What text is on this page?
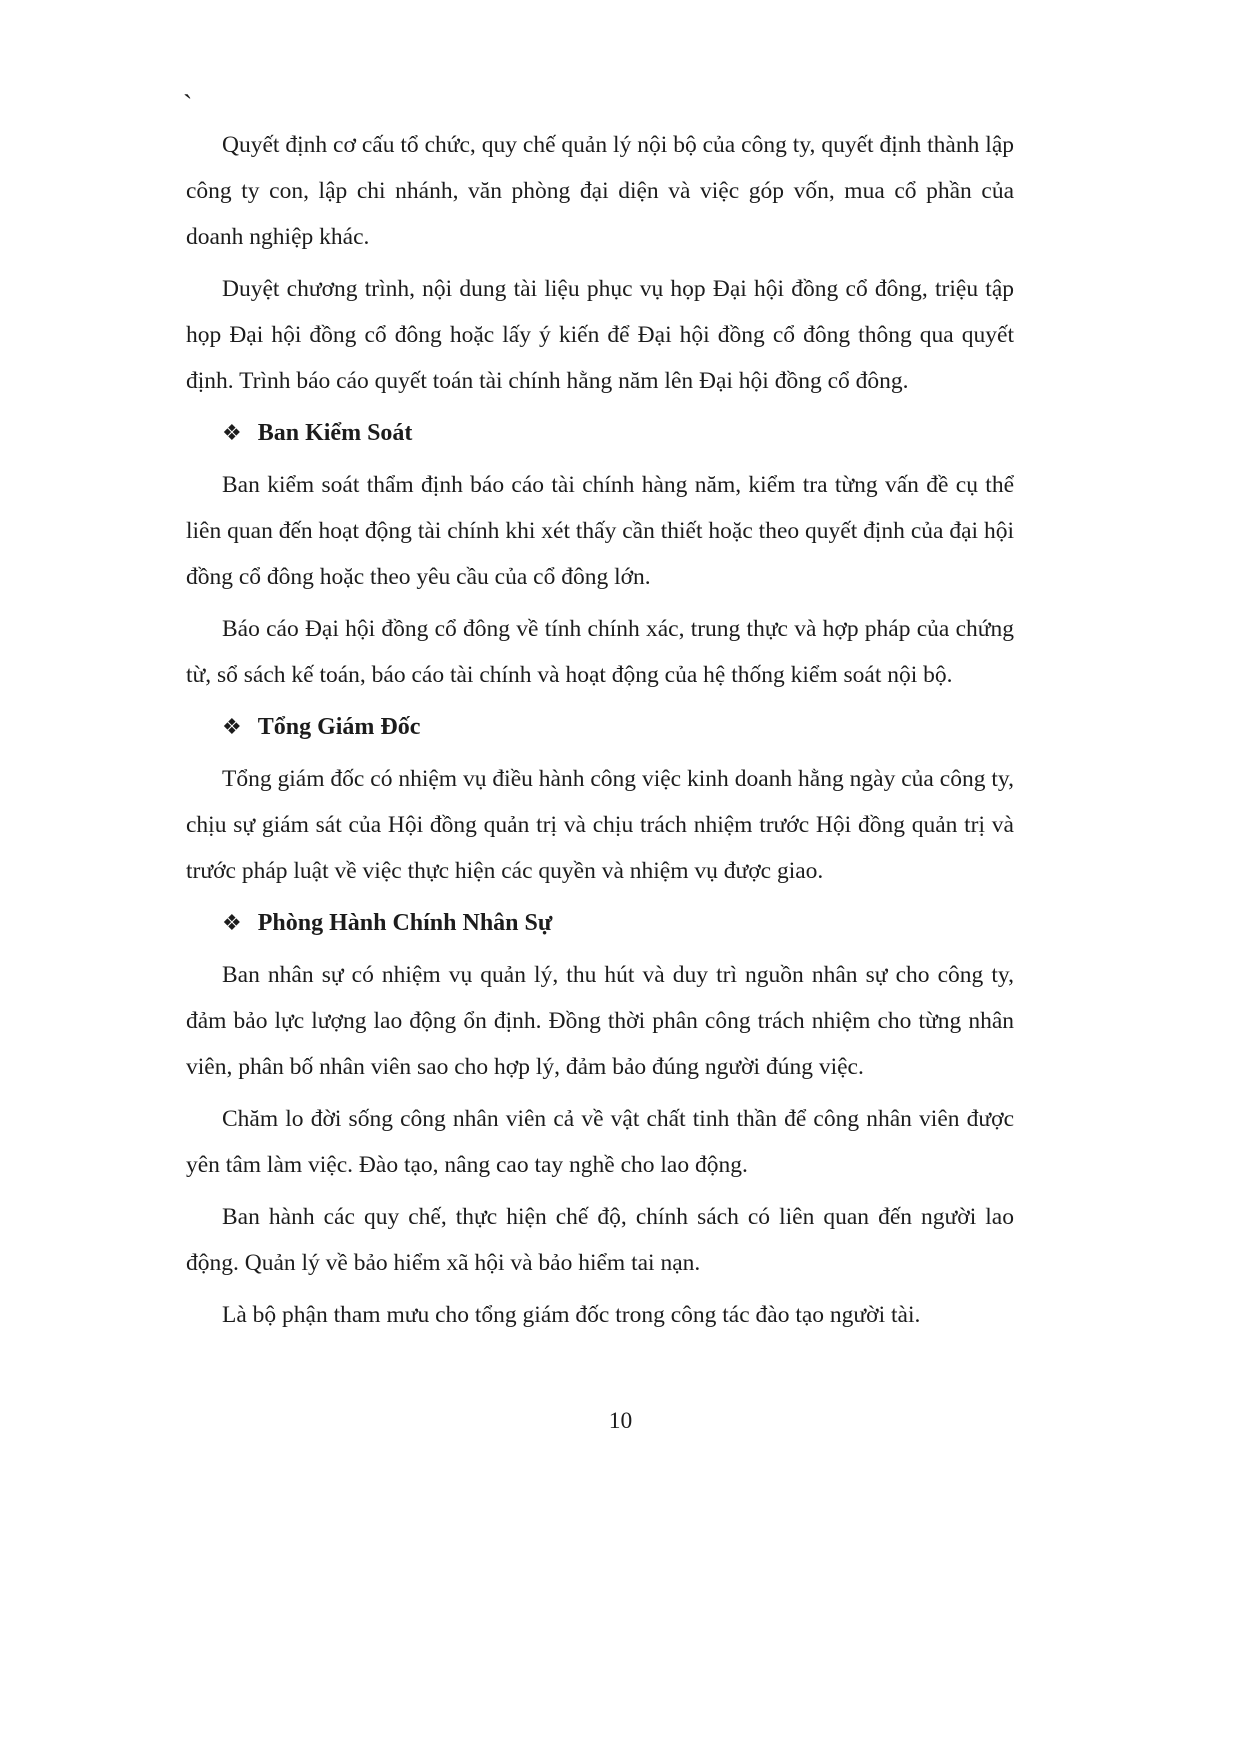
`

Quyết định cơ cấu tổ chức, quy chế quản lý nội bộ của công ty, quyết định thành lập công ty con, lập chi nhánh, văn phòng đại diện và việc góp vốn, mua cổ phần của doanh nghiệp khác.

Duyệt chương trình, nội dung tài liệu phục vụ họp Đại hội đồng cổ đông, triệu tập họp Đại hội đồng cổ đông hoặc lấy ý kiến để Đại hội đồng cổ đông thông qua quyết định. Trình báo cáo quyết toán tài chính hằng năm lên Đại hội đồng cổ đông.

❖ Ban Kiểm Soát

Ban kiểm soát thẩm định báo cáo tài chính hàng năm, kiểm tra từng vấn đề cụ thể liên quan đến hoạt động tài chính khi xét thấy cần thiết hoặc theo quyết định của đại hội đồng cổ đông hoặc theo yêu cầu của cổ đông lớn.

Báo cáo Đại hội đồng cổ đông về tính chính xác, trung thực và hợp pháp của chứng từ, sổ sách kế toán, báo cáo tài chính và hoạt động của hệ thống kiểm soát nội bộ.

❖ Tổng Giám Đốc

Tổng giám đốc có nhiệm vụ điều hành công việc kinh doanh hằng ngày của công ty, chịu sự giám sát của Hội đồng quản trị và chịu trách nhiệm trước Hội đồng quản trị và trước pháp luật về việc thực hiện các quyền và nhiệm vụ được giao.

❖ Phòng Hành Chính Nhân Sự

Ban nhân sự có nhiệm vụ quản lý, thu hút và duy trì nguồn nhân sự cho công ty, đảm bảo lực lượng lao động ổn định. Đồng thời phân công trách nhiệm cho từng nhân viên, phân bố nhân viên sao cho hợp lý, đảm bảo đúng người đúng việc.

Chăm lo đời sống công nhân viên cả về vật chất tinh thần để công nhân viên được yên tâm làm việc. Đào tạo, nâng cao tay nghề cho lao động.

Ban hành các quy chế, thực hiện chế độ, chính sách có liên quan đến người lao động. Quản lý về bảo hiểm xã hội và bảo hiểm tai nạn.

Là bộ phận tham mưu cho tổng giám đốc trong công tác đào tạo người tài.

10
